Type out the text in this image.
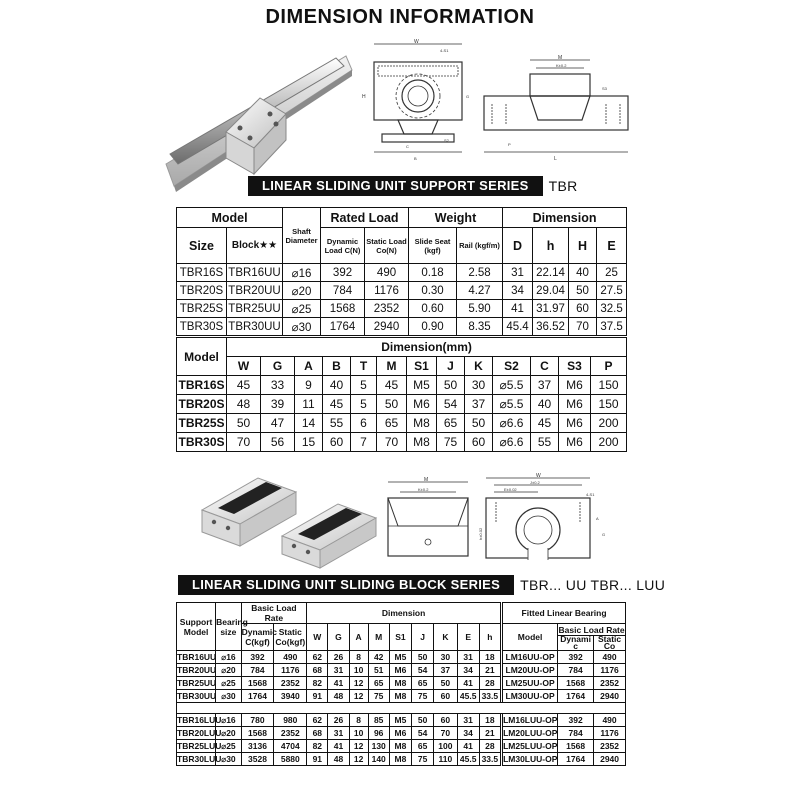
DIMENSION INFORMATION
W
4-S1
H
C
B
G
S2
M
K±0.2
L
P
S3
LINEAR SLIDING UNIT SUPPORT SERIES	TBR
Model		Shaft Diameter	Rated Load		Weight		Dimension			
Size	Block★★		Dynamic Load C(N)	Static Load Co(N)	Slide Seat (kgf)	Rail (kgf/m)	D	h	H	E
TBR16S	TBR16UU	⌀16	392	490	0.18	2.58	31	22.14	40	25
TBR20S	TBR20UU	⌀20	784	1176	0.30	4.27	34	29.04	50	27.5
TBR25S	TBR25UU	⌀25	1568	2352	0.60	5.90	41	31.97	60	32.5
TBR30S	TBR30UU	⌀30	1764	2940	0.90	8.35	45.4	36.52	70	37.5
Model	Dimension(mm)												
	W	G	A	B	T	M	S1	J	K	S2	C	S3	P
TBR16S	45	33	9	40	5	45	M5	50	30	⌀5.5	37	M6	150
TBR20S	48	39	11	45	5	50	M6	54	37	⌀5.5	40	M6	150
TBR25S	50	47	14	55	6	65	M8	65	50	⌀6.6	45	M6	200
TBR30S	70	56	15	60	7	70	M8	75	60	⌀6.6	55	M6	200
M
K±0.2
W
J±0.2
E±0.02
4-S1
h±0.02
A
G
LINEAR SLIDING UNIT SLIDING BLOCK SERIES	TBR... UU TBR... LUU
Support Model	Bearing size	Basic Load Rate		Dimension										Fitted Linear Bearing		
		Dynamic C(kgf)	Static Co(kgf)	W	G	A	M	S1	J	K	E	h		Model	Basic Load Rate
Dynami c
Static Co	

TBR16UU	⌀16	392	490	62	26	8	42	M5	50	30	31	18		LM16UU-OP	392	490
TBR20UU	⌀20	784	1176	68	31	10	51	M6	54	37	34	21		LM20UU-OP	784	1176
TBR25UU	⌀25	1568	2352	82	41	12	65	M8	65	50	41	28		LM25UU-OP	1568	2352
TBR30UU	⌀30	1764	3940	91	48	12	75	M8	75	60	45.5	33.5		LM30UU-OP	1764	2940

TBR16LUU	⌀16	780	980	62	26	8	85	M5	50	60	31	18		LM16LUU-OP	392	490
TBR20LUU	⌀20	1568	2352	68	31	10	96	M6	54	70	34	21		LM20LUU-OP	784	1176
TBR25LUU	⌀25	3136	4704	82	41	12	130	M8	65	100	41	28		LM25LUU-OP	1568	2352
TBR30LUU	⌀30	3528	5880	91	48	12	140	M8	75	110	45.5	33.5		LM30LUU-OP	1764	2940
